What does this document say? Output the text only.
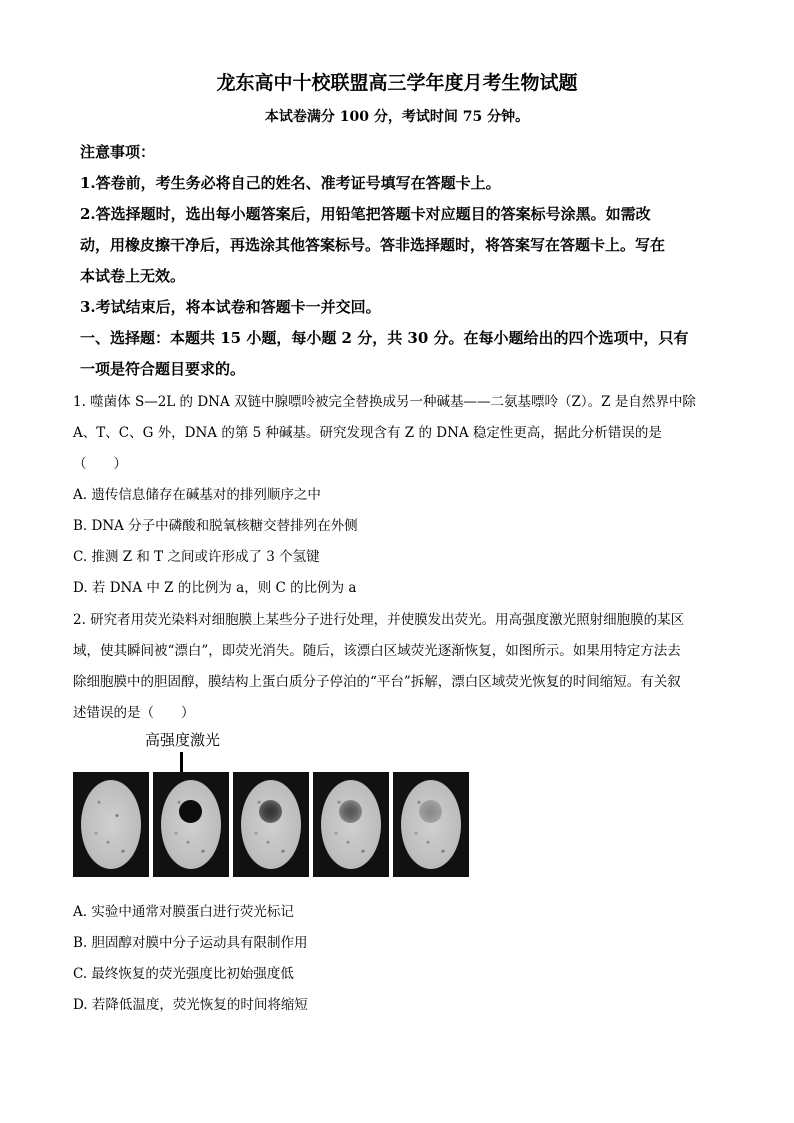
龙东高中十校联盟高三学年度月考生物试题
本试卷满分 100 分，考试时间 75 分钟。
注意事项：
1.答卷前，考生务必将自己的姓名、准考证号填写在答题卡上。
2.答选择题时，选出每小题答案后，用铅笔把答题卡对应题目的答案标号涂黑。如需改
动，用橡皮擦干净后，再选涂其他答案标号。答非选择题时，将答案写在答题卡上。写在
本试卷上无效。
3.考试结束后，将本试卷和答题卡一并交回。
一、选择题：本题共 15 小题，每小题 2 分，共 30 分。在每小题给出的四个选项中，只有
一项是符合题目要求的。
1. 噬菌体 S—2L 的 DNA 双链中腺嘌呤被完全替换成另一种碱基——二氨基嘌呤（Z）。Z 是自然界中除
A、T、C、G 外，DNA 的第 5 种碱基。研究发现含有 Z 的 DNA 稳定性更高，据此分析错误的是
（　　）
A. 遗传信息储存在碱基对的排列顺序之中
B. DNA 分子中磷酸和脱氧核糖交替排列在外侧
C. 推测 Z 和 T 之间或许形成了 3 个氢键
D. 若 DNA 中 Z 的比例为 a，则 C 的比例为 a
2. 研究者用荧光染料对细胞膜上某些分子进行处理，并使膜发出荧光。用高强度激光照射细胞膜的某区
域，使其瞬间被“漂白”，即荧光消失。随后，该漂白区域荧光逐渐恢复，如图所示。如果用特定方法去
除细胞膜中的胆固醇，膜结构上蛋白质分子停泊的“平台”拆解，漂白区域荧光恢复的时间缩短。有关叙
述错误的是（　　）
高强度激光
A. 实验中通常对膜蛋白进行荧光标记
B. 胆固醇对膜中分子运动具有限制作用
C. 最终恢复的荧光强度比初始强度低
D. 若降低温度，荧光恢复的时间将缩短
